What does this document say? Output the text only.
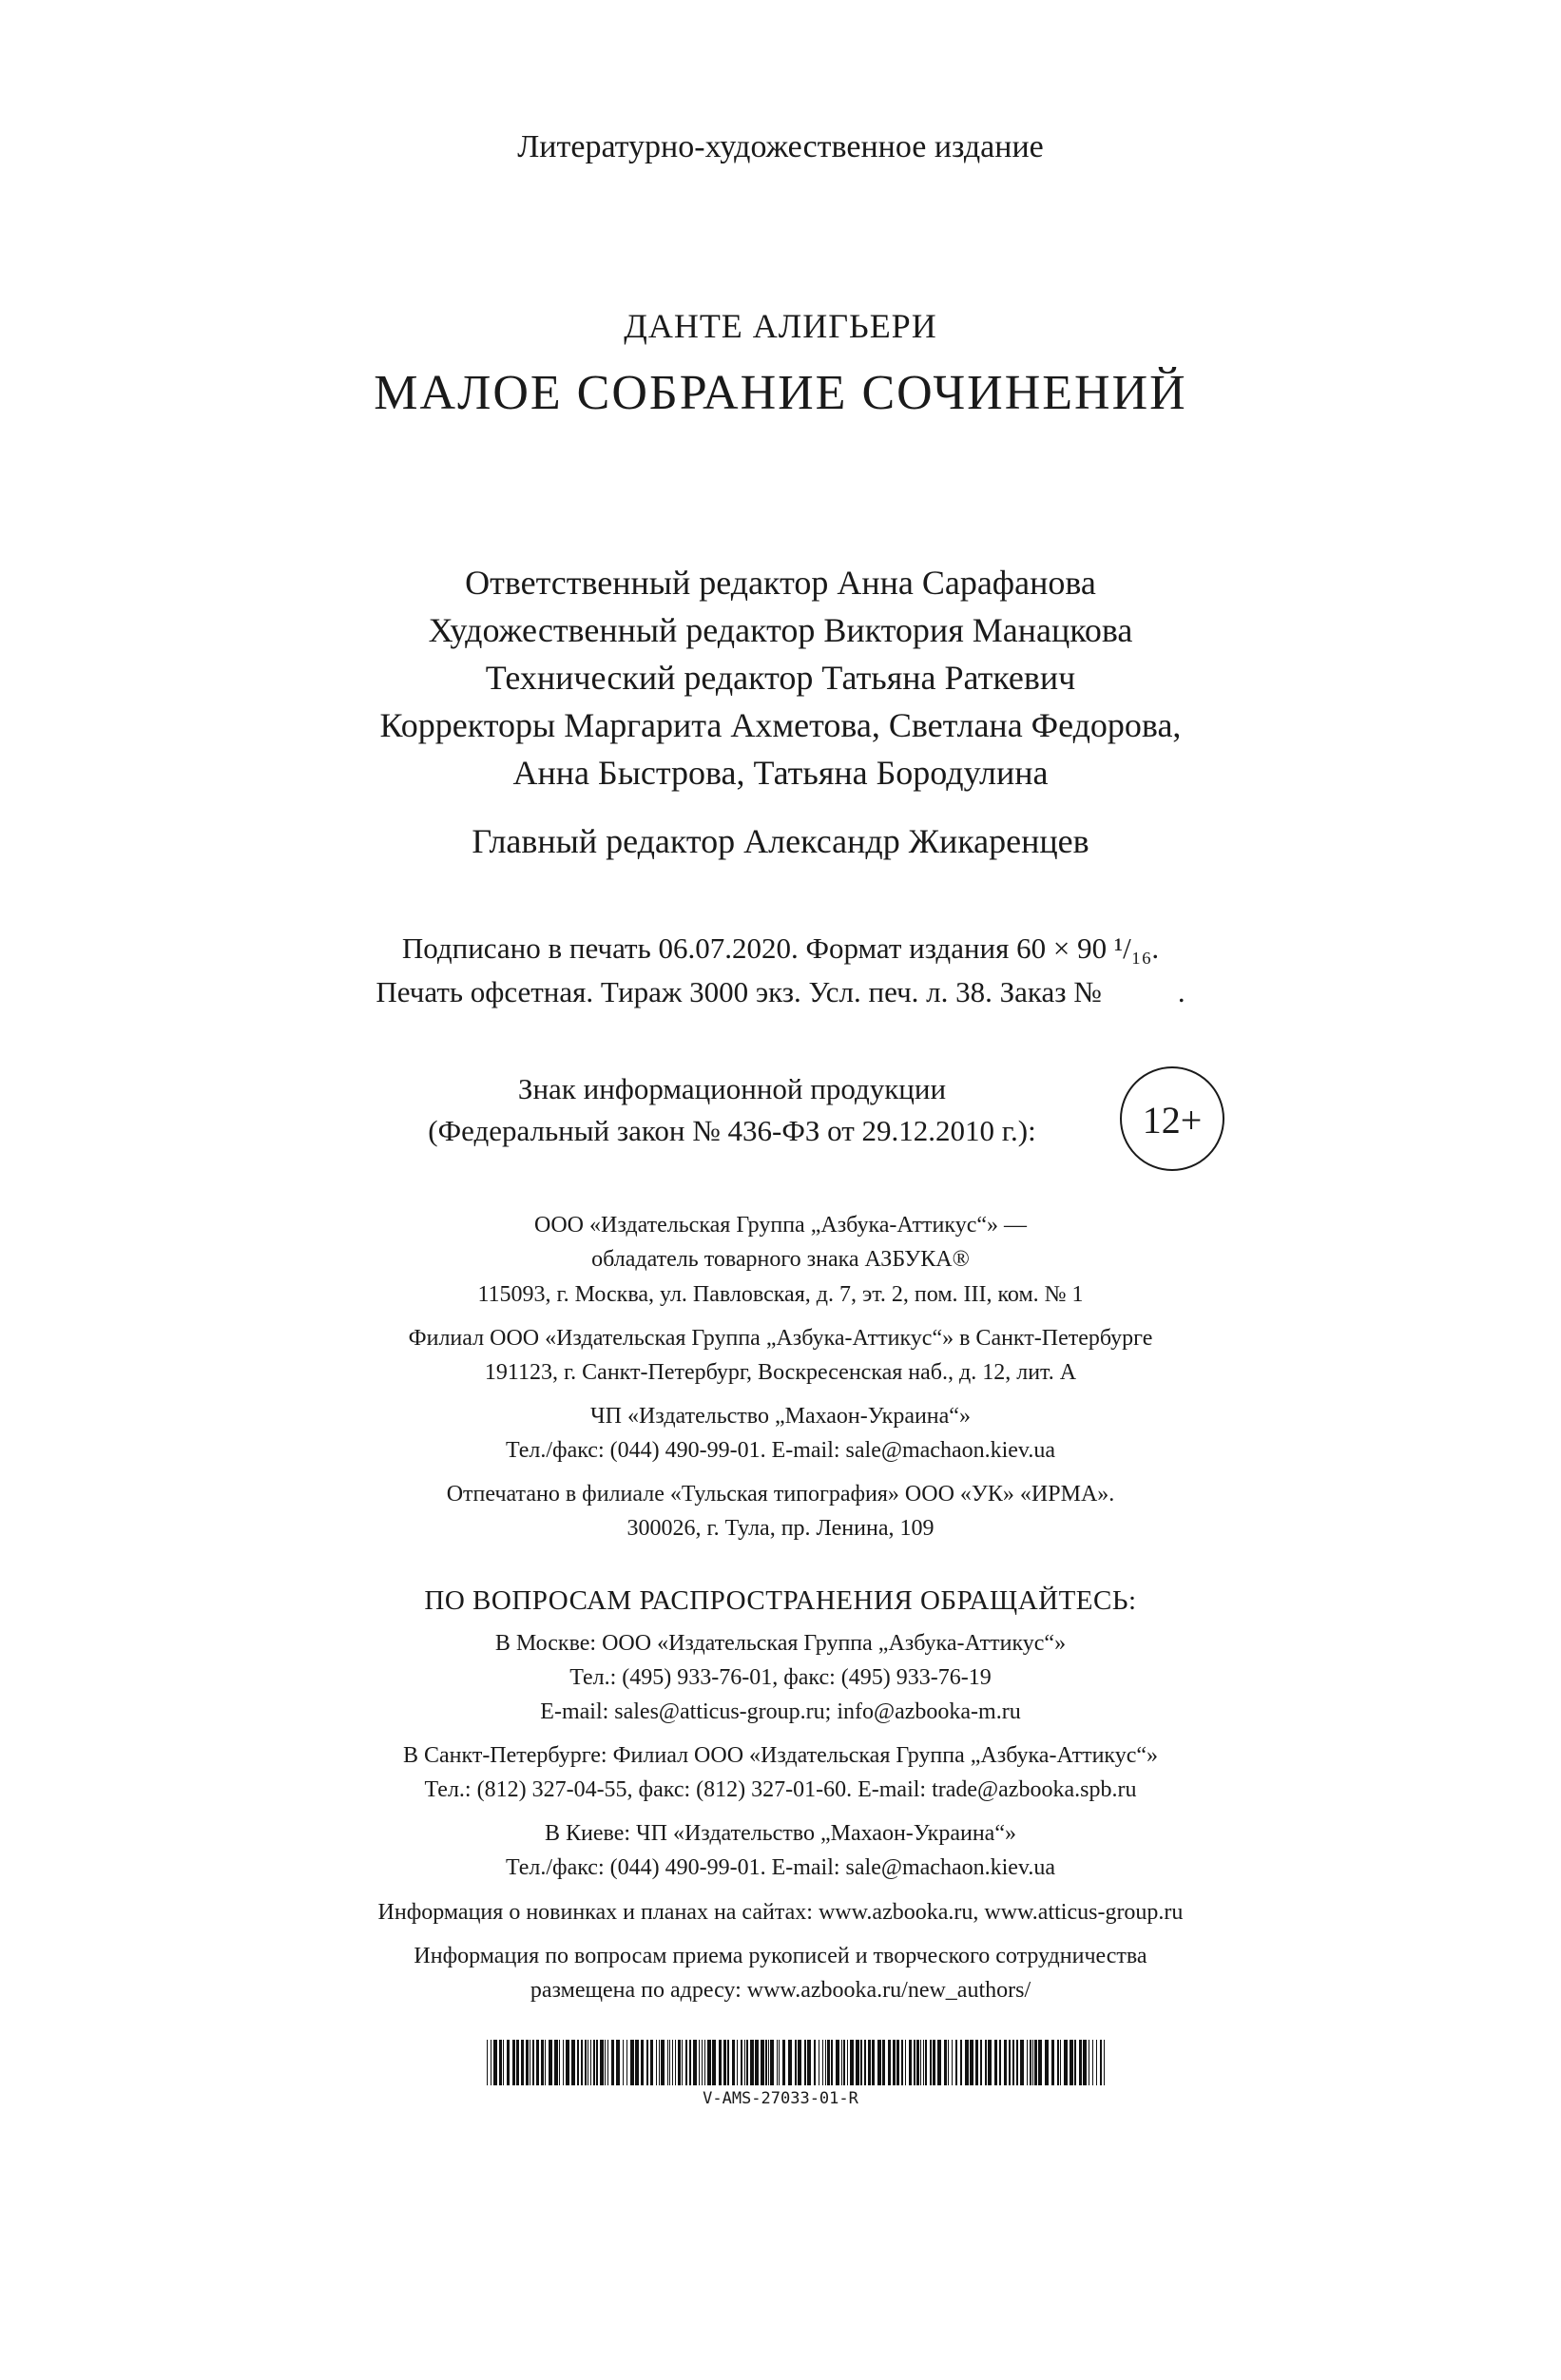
Литературно-художественное издание
ДАНТЕ АЛИГЬЕРИ
МАЛОЕ СОБРАНИЕ СОЧИНЕНИЙ
Ответственный редактор Анна Сарафанова
Художественный редактор Виктория Манацкова
Технический редактор Татьяна Раткевич
Корректоры Маргарита Ахметова, Светлана Федорова,
Анна Быстрова, Татьяна Бородулина
Главный редактор Александр Жикаренцев
Подписано в печать 06.07.2020. Формат издания 60 × 90 ¹/₁₆.
Печать офсетная. Тираж 3000 экз. Усл. печ. л. 38. Заказ №	.
Знак информационной продукции
(Федеральный закон № 436-ФЗ от 29.12.2010 г.):	12+
ООО «Издательская Группа „Азбука-Аттикус“» —
обладатель товарного знака АЗБУКА®
115093, г. Москва, ул. Павловская, д. 7, эт. 2, пом. III, ком. № 1
Филиал ООО «Издательская Группа „Азбука-Аттикус“» в Санкт-Петербурге
191123, г. Санкт-Петербург, Воскресенская наб., д. 12, лит. А
ЧП «Издательство „Махаон-Украина“»
Тел./факс: (044) 490-99-01. E-mail: sale@machaon.kiev.ua
Отпечатано в филиале «Тульская типография» ООО «УК» «ИРМА».
300026, г. Тула, пр. Ленина, 109
ПО ВОПРОСАМ РАСПРОСТРАНЕНИЯ ОБРАЩАЙТЕСЬ:
В Москве: ООО «Издательская Группа „Азбука-Аттикус“»
Тел.: (495) 933-76-01, факс: (495) 933-76-19
E-mail: sales@atticus-group.ru; info@azbooka-m.ru
В Санкт-Петербурге: Филиал ООО «Издательская Группа „Азбука-Аттикус“»
Тел.: (812) 327-04-55, факс: (812) 327-01-60. E-mail: trade@azbooka.spb.ru
В Киеве: ЧП «Издательство „Махаон-Украина“»
Тел./факс: (044) 490-99-01. E-mail: sale@machaon.kiev.ua
Информация о новинках и планах на сайтах: www.azbooka.ru, www.atticus-group.ru
Информация по вопросам приема рукописей и творческого сотрудничества
размещена по адресу: www.azbooka.ru/new_authors/
V-AMS-27033-01-R
